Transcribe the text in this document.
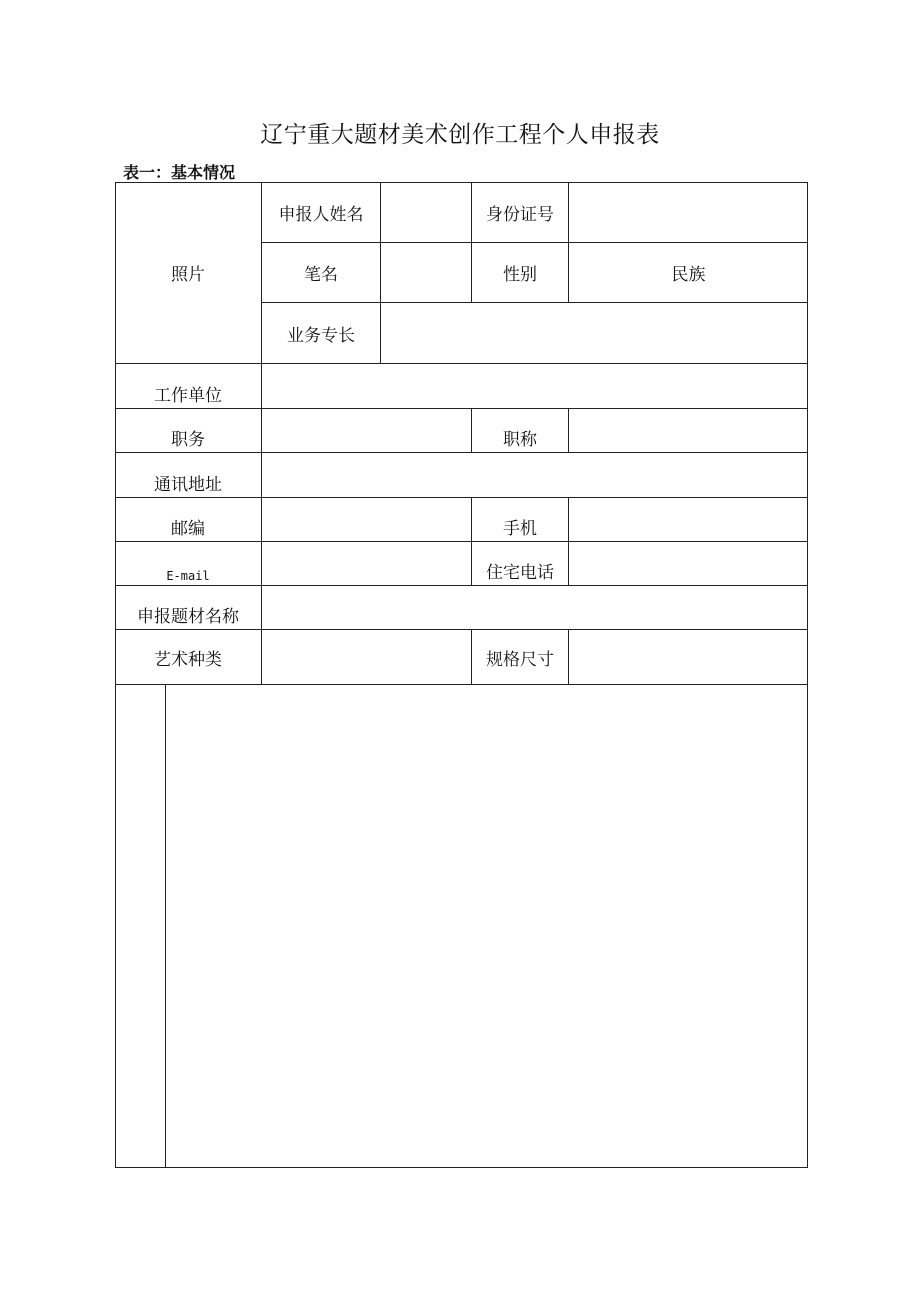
辽宁重大题材美术创作工程个人申报表
表一：基本情况
照片
申报人姓名	身份证号
笔名	性别	民族
业务专长
工作单位
职务	职称
通讯地址
邮编	手机
E-mail	住宅电话
申报题材名称
艺术种类	规格尺寸
